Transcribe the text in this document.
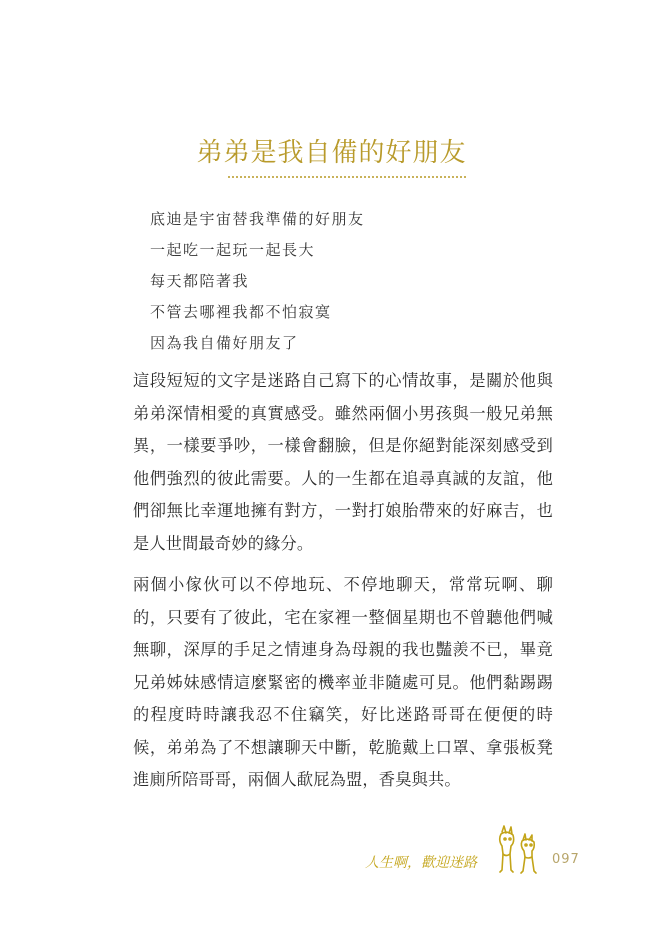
弟弟是我自備的好朋友
底迪是宇宙替我準備的好朋友
一起吃一起玩一起長大
每天都陪著我
不管去哪裡我都不怕寂寞
因為我自備好朋友了

這段短短的文字是迷路自己寫下的心情故事，是關於他與弟弟深情相愛的真實感受。雖然兩個小男孩與一般兄弟無異，一樣要爭吵，一樣會翻臉，但是你絕對能深刻感受到他們強烈的彼此需要。人的一生都在追尋真誠的友誼，他們卻無比幸運地擁有對方，一對打娘胎帶來的好麻吉，也是人世間最奇妙的緣分。

兩個小傢伙可以不停地玩、不停地聊天，常常玩啊、聊的，只要有了彼此，宅在家裡一整個星期也不曾聽他們喊無聊，深厚的手足之情連身為母親的我也豔羨不已，畢竟兄弟姊妹感情這麼緊密的機率並非隨處可見。他們黏踢踢的程度時時讓我忍不住竊笑，好比迷路哥哥在便便的時候，弟弟為了不想讓聊天中斷，乾脆戴上口罩、拿張板凳進廁所陪哥哥，兩個人歃屁為盟，香臭與共。

人生啊，歡迎迷路	097
